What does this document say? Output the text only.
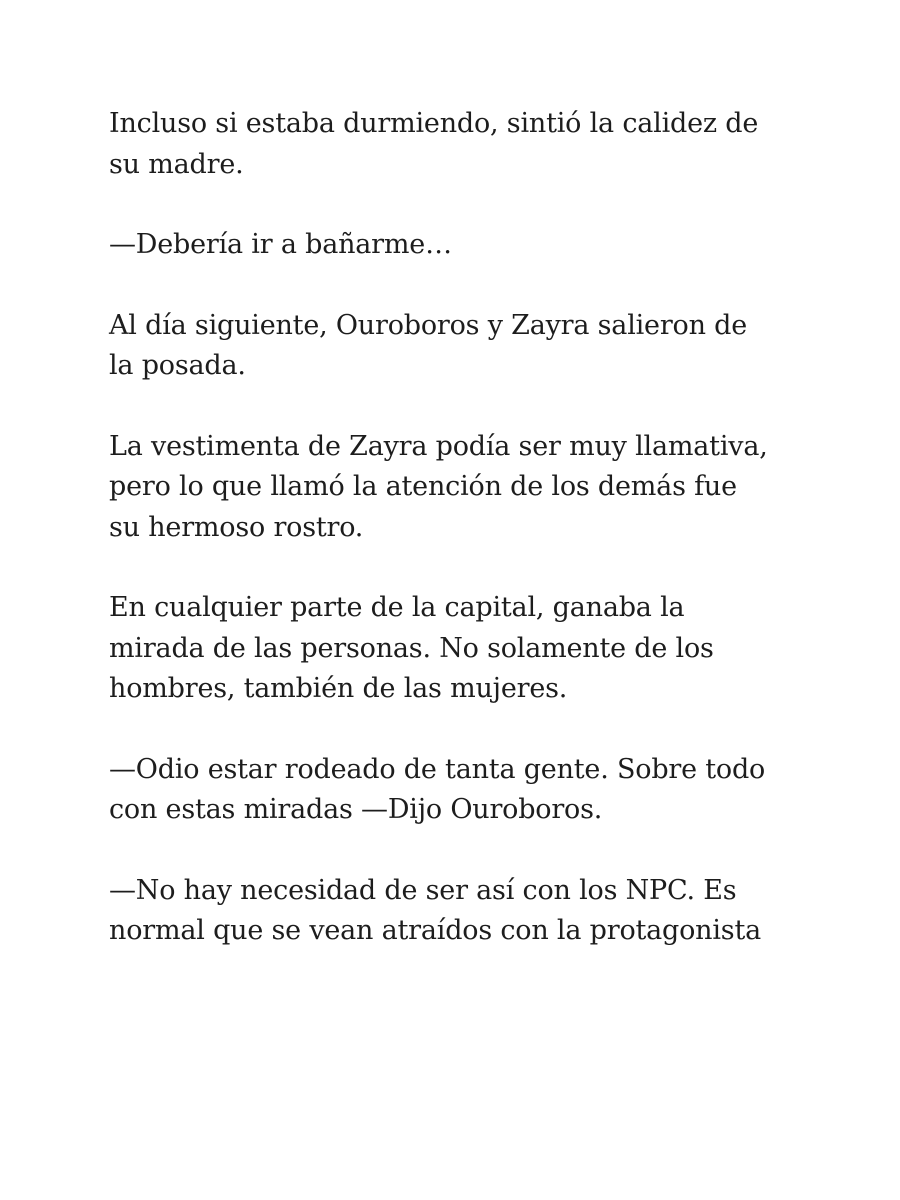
Incluso si estaba durmiendo, sintió la calidez de
su madre.

—Debería ir a bañarme…

Al día siguiente, Ouroboros y Zayra salieron de
la posada.

La vestimenta de Zayra podía ser muy llamativa,
pero lo que llamó la atención de los demás fue
su hermoso rostro.

En cualquier parte de la capital, ganaba la
mirada de las personas. No solamente de los
hombres, también de las mujeres.

—Odio estar rodeado de tanta gente. Sobre todo
con estas miradas —Dijo Ouroboros.

—No hay necesidad de ser así con los NPC. Es
normal que se vean atraídos con la protagonista
